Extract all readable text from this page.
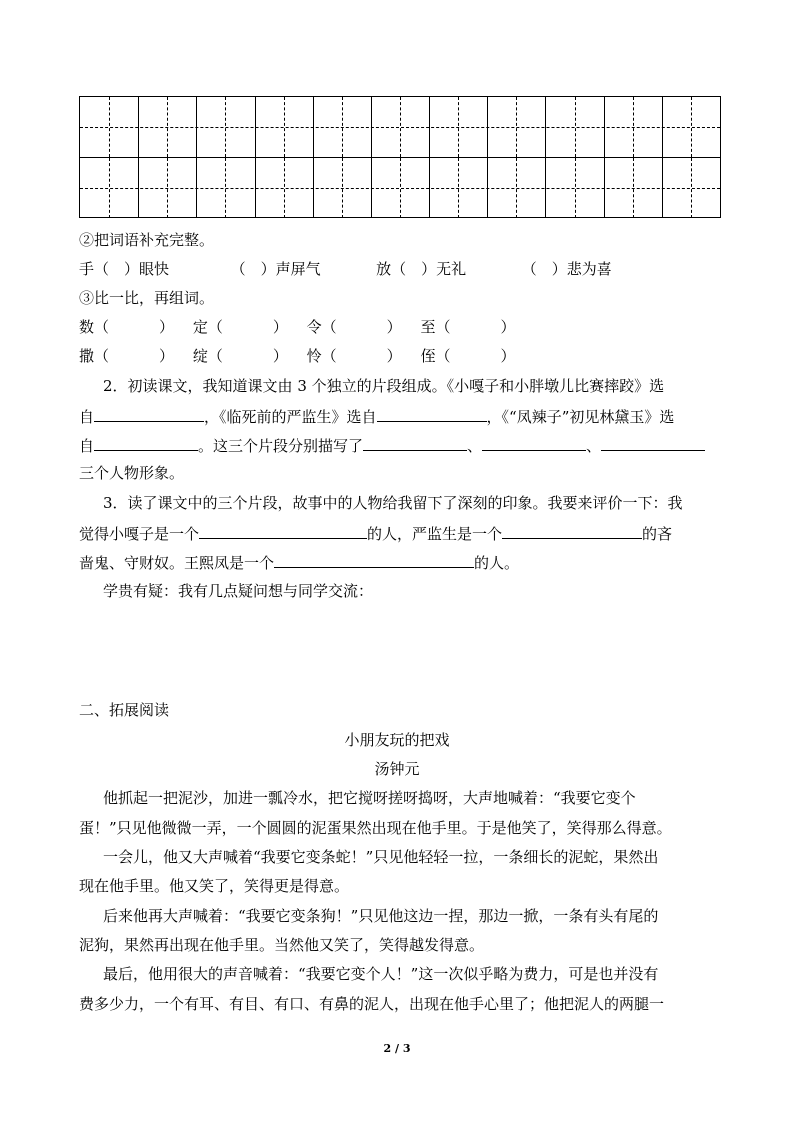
②把词语补充完整。
手（　）眼快	（　）声屏气	放（　）无礼	（　）悲为喜
③比一比，再组词。
数（	） 定（	） 令（	） 至（	）
撒（	） 绽（	） 怜（	） 侄（	）
2．初读课文，我知道课文由 3 个独立的片段组成。《小嘎子和小胖墩儿比赛摔跤》选
自	，《临死前的严监生》选自	，《“凤辣子”初见林黛玉》选
自	。这三个片段分别描写了	、	、
三个人物形象。
3．读了课文中的三个片段，故事中的人物给我留下了深刻的印象。我要来评价一下：我
觉得小嘎子是一个	的人，严监生是一个	的吝
啬鬼、守财奴。王熙凤是一个	的人。
学贵有疑：我有几点疑问想与同学交流：
二、拓展阅读
小朋友玩的把戏
汤钟元
他抓起一把泥沙，加进一瓢冷水，把它搅呀搓呀捣呀，大声地喊着：“我要它变个
蛋！”只见他微微一弄，一个圆圆的泥蛋果然出现在他手里。于是他笑了，笑得那么得意。
一会儿，他又大声喊着“我要它变条蛇！”只见他轻轻一拉，一条细长的泥蛇，果然出
现在他手里。他又笑了，笑得更是得意。
后来他再大声喊着：“我要它变条狗！”只见他这边一捏，那边一掀，一条有头有尾的
泥狗，果然再出现在他手里。当然他又笑了，笑得越发得意。
最后，他用很大的声音喊着：“我要它变个人！”这一次似乎略为费力，可是也并没有
费多少力，一个有耳、有目、有口、有鼻的泥人，出现在他手心里了；他把泥人的两腿一
2 / 3
